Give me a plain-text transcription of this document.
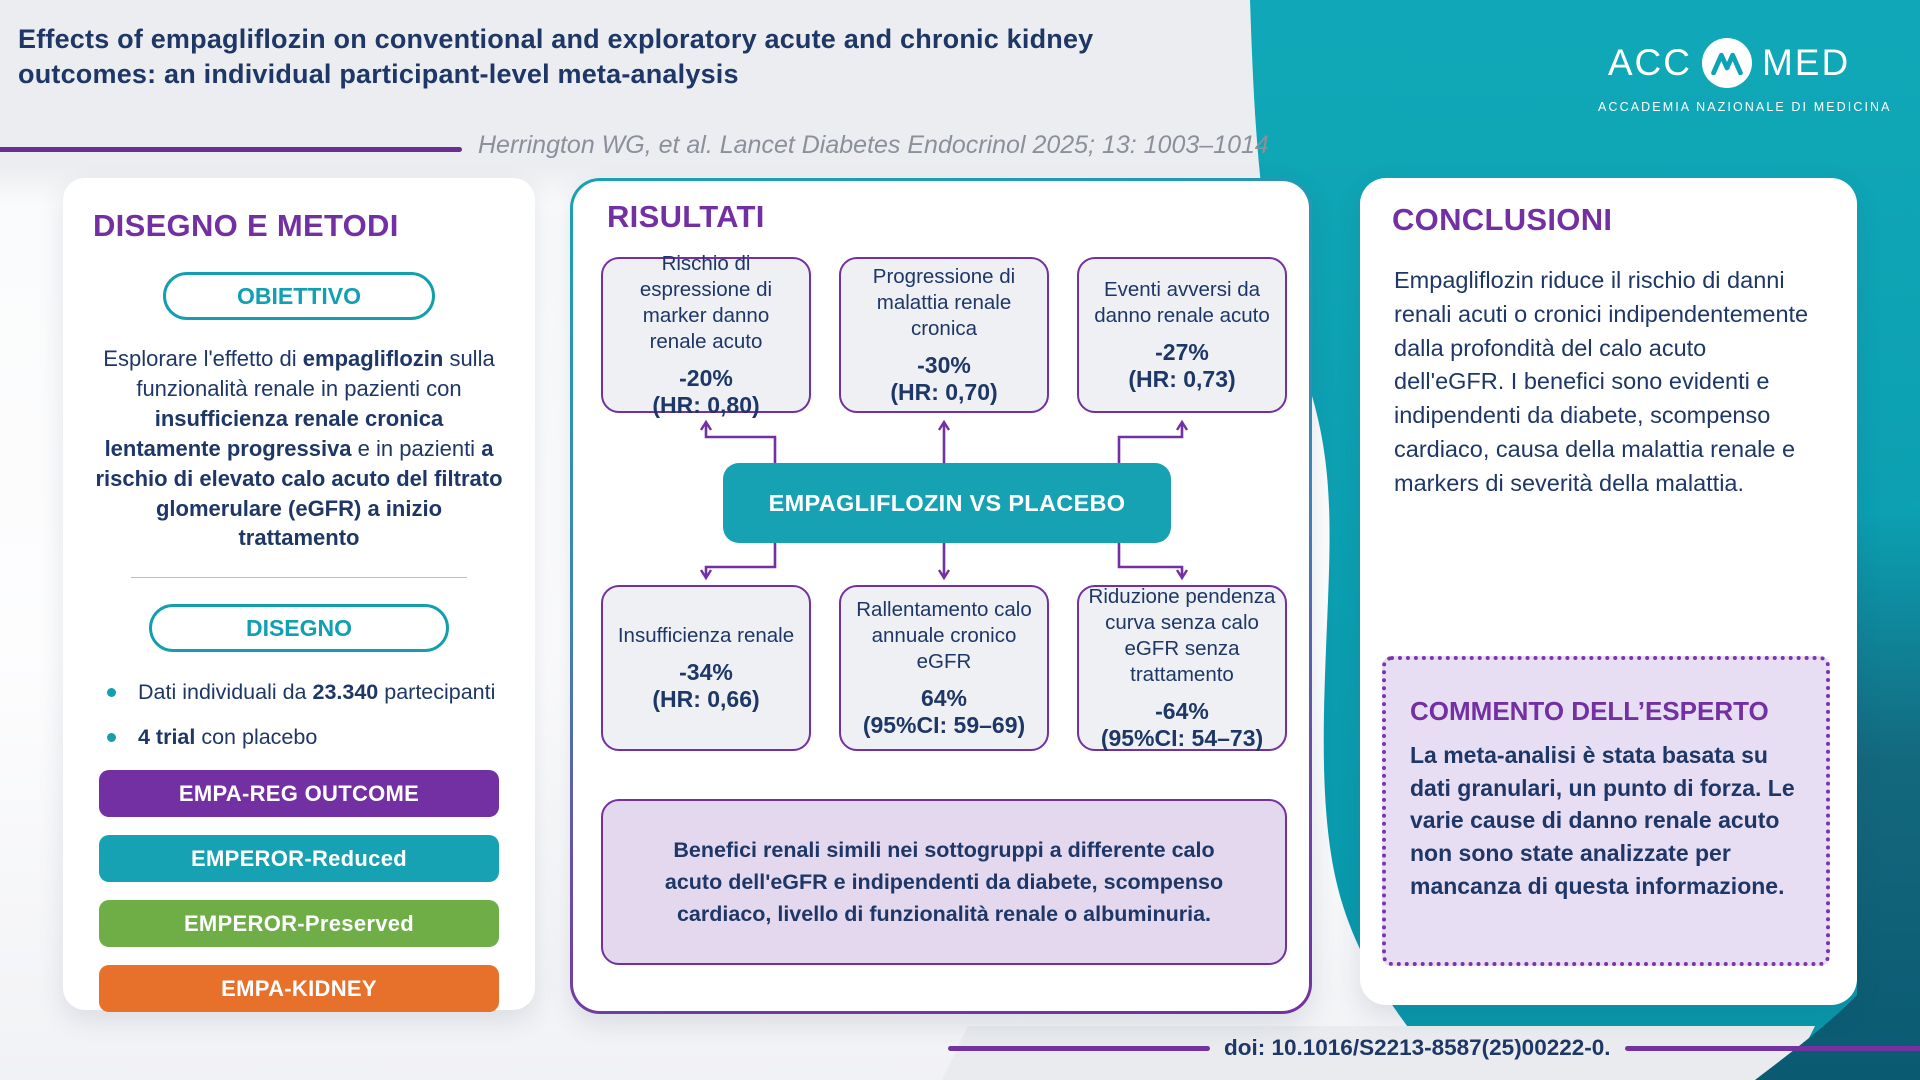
Effects of empagliflozin on conventional and exploratory acute and chronic kidney outcomes: an individual participant-level meta-analysis
Herrington WG, et al. Lancet Diabetes Endocrinol 2025; 13: 1003–1014
ACC MED
ACCADEMIA NAZIONALE DI MEDICINA
DISEGNO E METODI
OBIETTIVO
Esplorare l'effetto di empagliflozin sulla funzionalità renale in pazienti con insufficienza renale cronica lentamente progressiva e in pazienti a rischio di elevato calo acuto del filtrato glomerulare (eGFR) a inizio trattamento
DISEGNO
Dati individuali da 23.340 partecipanti
4 trial con placebo
EMPA-REG OUTCOME
EMPEROR-Reduced
EMPEROR-Preserved
EMPA-KIDNEY
RISULTATI
Rischio di espressione di marker danno renale acuto
-20%
(HR: 0,80)
Progressione di malattia renale cronica
-30%
(HR: 0,70)
Eventi avversi da danno renale acuto
-27%
(HR: 0,73)
EMPAGLIFLOZIN VS PLACEBO
Insufficienza renale
-34%
(HR: 0,66)
Rallentamento calo annuale cronico eGFR
64%
(95%CI: 59–69)
Riduzione pendenza curva senza calo eGFR senza trattamento
-64%
(95%CI: 54–73)
Benefici renali simili nei sottogruppi a differente calo acuto dell'eGFR e indipendenti da diabete, scompenso cardiaco, livello di funzionalità renale o albuminuria.
CONCLUSIONI
Empagliflozin riduce il rischio di danni renali acuti o cronici indipendentemente dalla profondità del calo acuto dell'eGFR. I benefici sono evidenti e indipendenti da diabete, scompenso cardiaco, causa della malattia renale e markers di severità della malattia.
COMMENTO DELL’ESPERTO
La meta-analisi è stata basata su dati granulari, un punto di forza. Le varie cause di danno renale acuto non sono state analizzate per mancanza di questa informazione.
doi: 10.1016/S2213-8587(25)00222-0.
